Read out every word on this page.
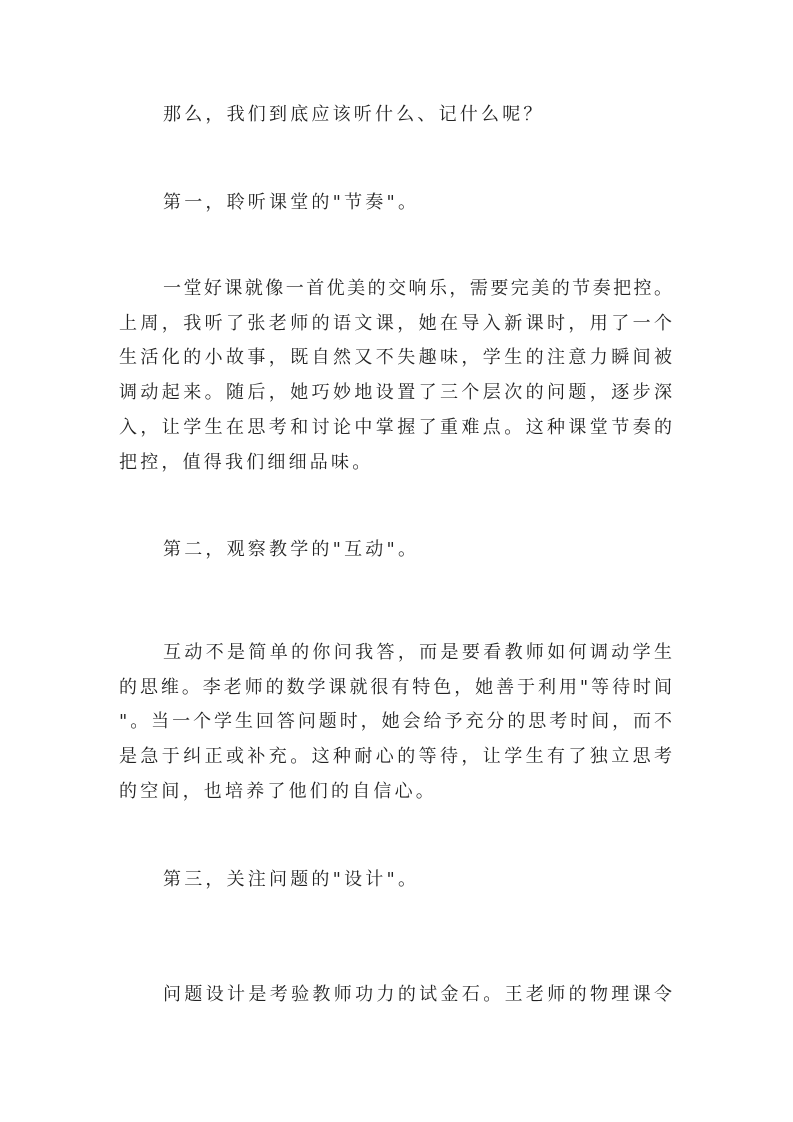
那么，我们到底应该听什么、记什么呢？
第一，聆听课堂的"节奏"。
一堂好课就像一首优美的交响乐，需要完美的节奏把控。
上周，我听了张老师的语文课，她在导入新课时，用了一个
生活化的小故事，既自然又不失趣味，学生的注意力瞬间被
调动起来。随后，她巧妙地设置了三个层次的问题，逐步深
入，让学生在思考和讨论中掌握了重难点。这种课堂节奏的
把控，值得我们细细品味。
第二，观察教学的"互动"。
互动不是简单的你问我答，而是要看教师如何调动学生
的思维。李老师的数学课就很有特色，她善于利用"等待时间
"。当一个学生回答问题时，她会给予充分的思考时间，而不
是急于纠正或补充。这种耐心的等待，让学生有了独立思考
的空间，也培养了他们的自信心。
第三，关注问题的"设计"。
问题设计是考验教师功力的试金石。王老师的物理课令
